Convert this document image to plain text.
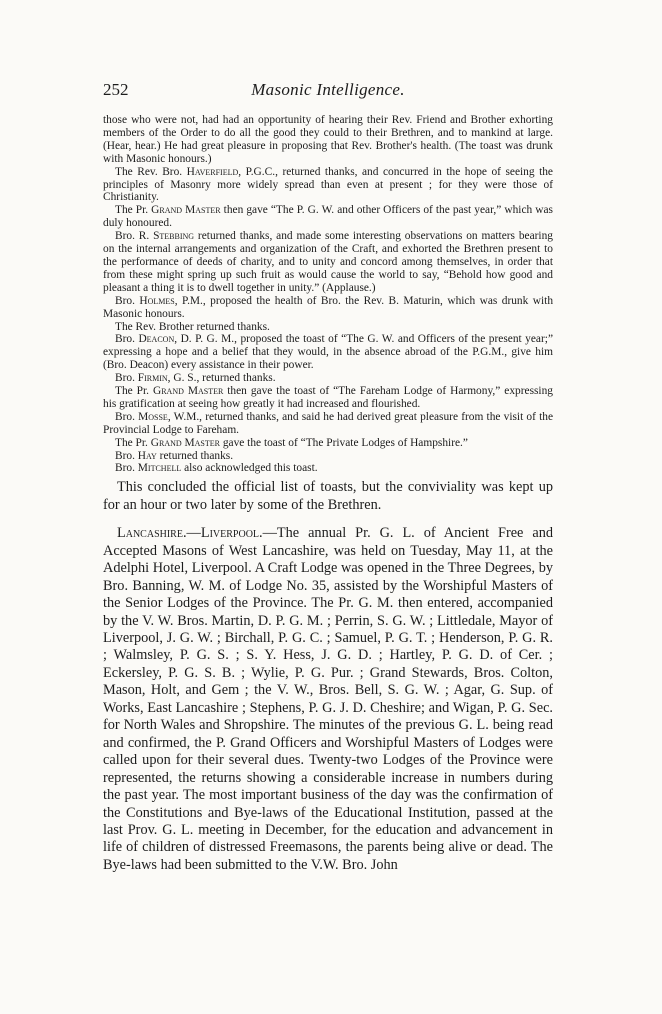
252	Masonic Intelligence.

those who were not, had had an opportunity of hearing their Rev. Friend and Brother exhorting members of the Order to do all the good they could to their Brethren, and to mankind at large. (Hear, hear.) He had great pleasure in proposing that Rev. Brother's health. (The toast was drunk with Masonic honours.)

The Rev. Bro. Haverfield, P.G.C., returned thanks, and concurred in the hope of seeing the principles of Masonry more widely spread than even at present ; for they were those of Christianity.

The Pr. Grand Master then gave “The P. G. W. and other Officers of the past year,” which was duly honoured.

Bro. R. Stebbing returned thanks, and made some interesting observations on matters bearing on the internal arrangements and organization of the Craft, and exhorted the Brethren present to the performance of deeds of charity, and to unity and concord among themselves, in order that from these might spring up such fruit as would cause the world to say, “Behold how good and pleasant a thing it is to dwell together in unity.” (Applause.)

Bro. Holmes, P.M., proposed the health of Bro. the Rev. B. Maturin, which was drunk with Masonic honours.

The Rev. Brother returned thanks.

Bro. Deacon, D. P. G. M., proposed the toast of “The G. W. and Officers of the present year;” expressing a hope and a belief that they would, in the absence abroad of the P.G.M., give him (Bro. Deacon) every assistance in their power.

Bro. Firmin, G. S., returned thanks.

The Pr. Grand Master then gave the toast of “The Fareham Lodge of Harmony,” expressing his gratification at seeing how greatly it had increased and flourished.

Bro. Mosse, W.M., returned thanks, and said he had derived great pleasure from the visit of the Provincial Lodge to Fareham.

The Pr. Grand Master gave the toast of “The Private Lodges of Hampshire.”

Bro. Hay returned thanks.

Bro. Mitchell also acknowledged this toast.

This concluded the official list of toasts, but the conviviality was kept up for an hour or two later by some of the Brethren.

Lancashire.—Liverpool.—The annual Pr. G. L. of Ancient Free and Accepted Masons of West Lancashire, was held on Tuesday, May 11, at the Adelphi Hotel, Liverpool. A Craft Lodge was opened in the Three Degrees, by Bro. Banning, W. M. of Lodge No. 35, assisted by the Worshipful Masters of the Senior Lodges of the Province. The Pr. G. M. then entered, accompanied by the V. W. Bros. Martin, D. P. G. M. ; Perrin, S. G. W. ; Littledale, Mayor of Liverpool, J. G. W. ; Birchall, P. G. C. ; Samuel, P. G. T. ; Henderson, P. G. R. ; Walmsley, P. G. S. ; S. Y. Hess, J. G. D. ; Hartley, P. G. D. of Cer. ; Eckersley, P. G. S. B. ; Wylie, P. G. Pur. ; Grand Stewards, Bros. Colton, Mason, Holt, and Gem ; the V. W., Bros. Bell, S. G. W. ; Agar, G. Sup. of Works, East Lancashire ; Stephens, P. G. J. D. Cheshire; and Wigan, P. G. Sec. for North Wales and Shropshire. The minutes of the previous G. L. being read and confirmed, the P. Grand Officers and Worshipful Masters of Lodges were called upon for their several dues. Twenty-two Lodges of the Province were represented, the returns showing a considerable increase in numbers during the past year. The most important business of the day was the confirmation of the Constitutions and Bye-laws of the Educational Institution, passed at the last Prov. G. L. meeting in December, for the education and advancement in life of children of distressed Freemasons, the parents being alive or dead. The Bye-laws had been submitted to the V.W. Bro. John
